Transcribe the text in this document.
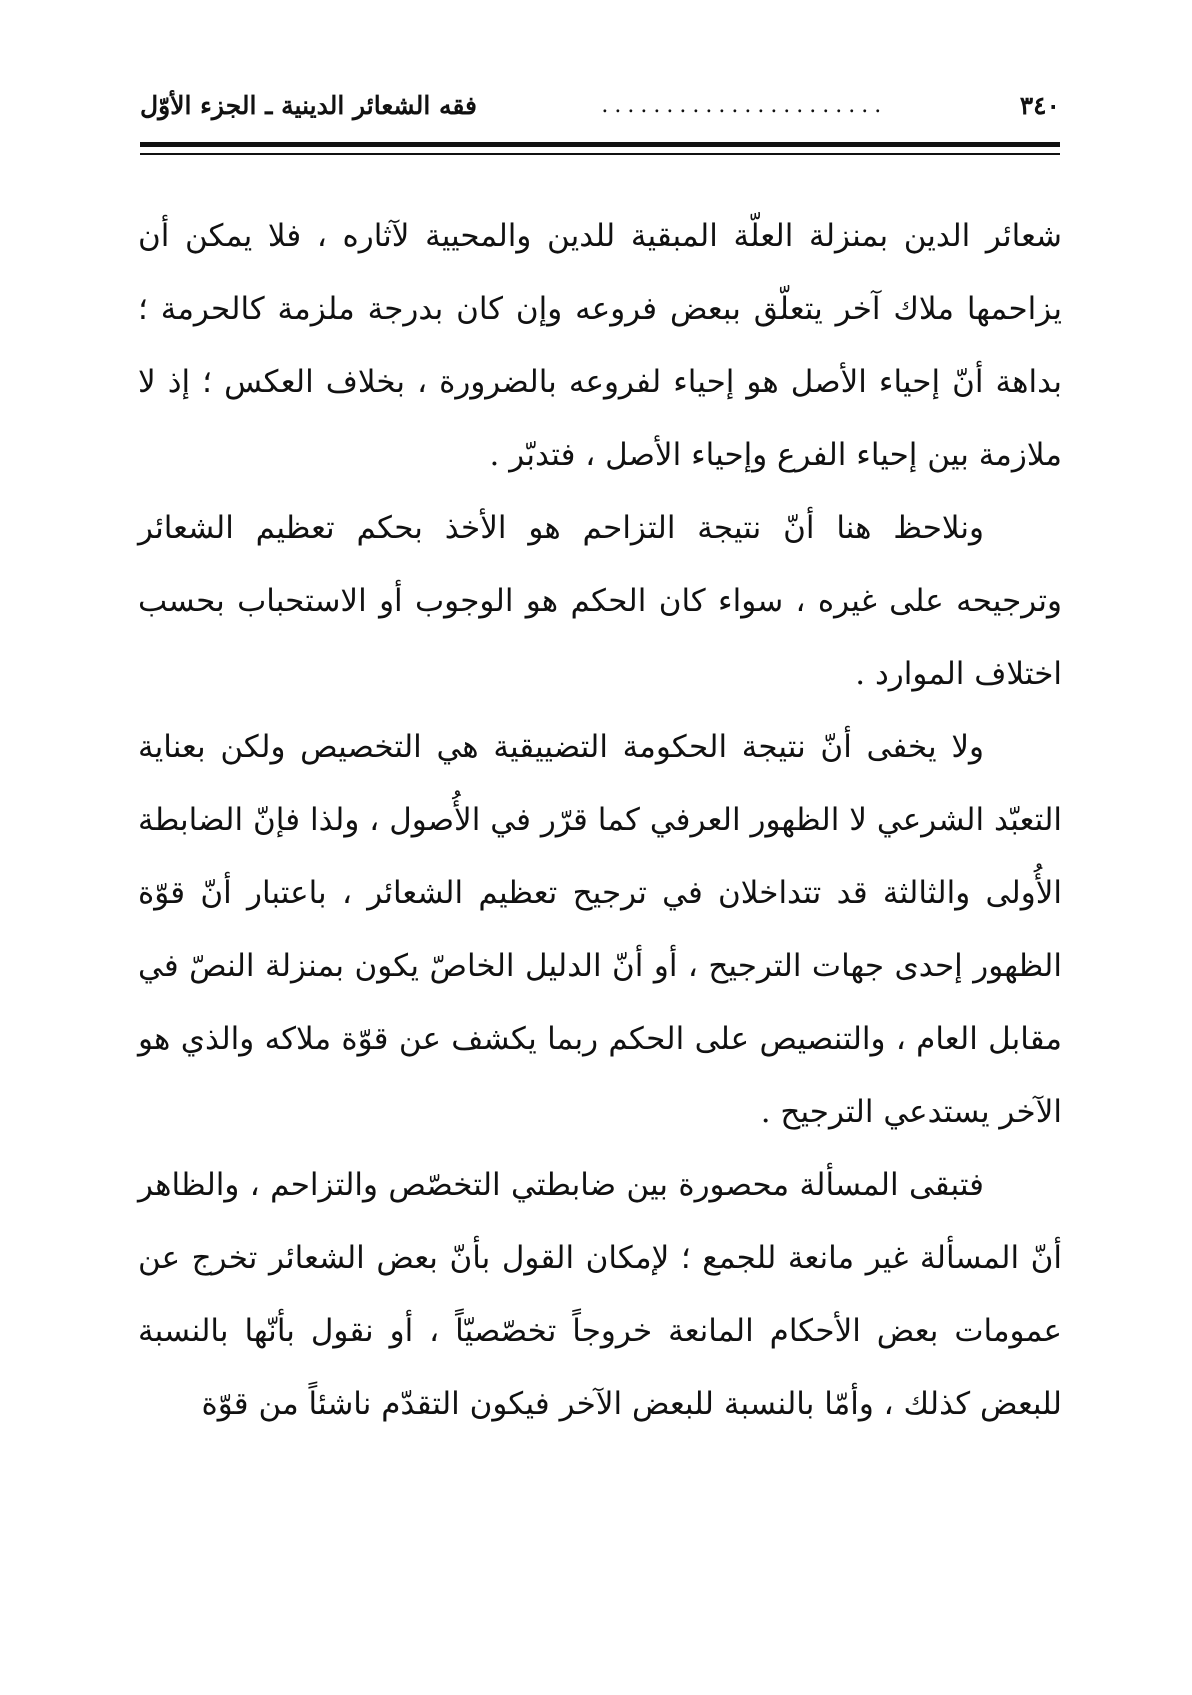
٣٤٠
......................
فقه الشعائر الدينية ـ الجزء الأوّل

شعائر الدين بمنزلة العلّة المبقية للدين والمحيية لآثاره ، فلا يمكن أن يزاحمها ملاك آخر يتعلّق ببعض فروعه وإن كان بدرجة ملزمة كالحرمة ؛ بداهة أنّ إحياء الأصل هو إحياء لفروعه بالضرورة ، بخلاف العكس ؛ إذ لا ملازمة بين إحياء الفرع وإحياء الأصل ، فتدبّر .

ونلاحظ هنا أنّ نتيجة التزاحم هو الأخذ بحكم تعظيم الشعائر وترجيحه على غيره ، سواء كان الحكم هو الوجوب أو الاستحباب بحسب اختلاف الموارد .

ولا يخفى أنّ نتيجة الحكومة التضييقية هي التخصيص ولكن بعناية التعبّد الشرعي لا الظهور العرفي كما قرّر في الأُصول ، ولذا فإنّ الضابطة الأُولى والثالثة قد تتداخلان في ترجيح تعظيم الشعائر ، باعتبار أنّ قوّة الظهور إحدى جهات الترجيح ، أو أنّ الدليل الخاصّ يكون بمنزلة النصّ في مقابل العام ، والتنصيص على الحكم ربما يكشف عن قوّة ملاكه والذي هو الآخر يستدعي الترجيح .

فتبقى المسألة محصورة بين ضابطتي التخصّص والتزاحم ، والظاهر أنّ المسألة غير مانعة للجمع ؛ لإمكان القول بأنّ بعض الشعائر تخرج عن عمومات بعض الأحكام المانعة خروجاً تخصّصيّاً ، أو نقول بأنّها بالنسبة للبعض كذلك ، وأمّا بالنسبة للبعض الآخر فيكون التقدّم ناشئاً من قوّة
